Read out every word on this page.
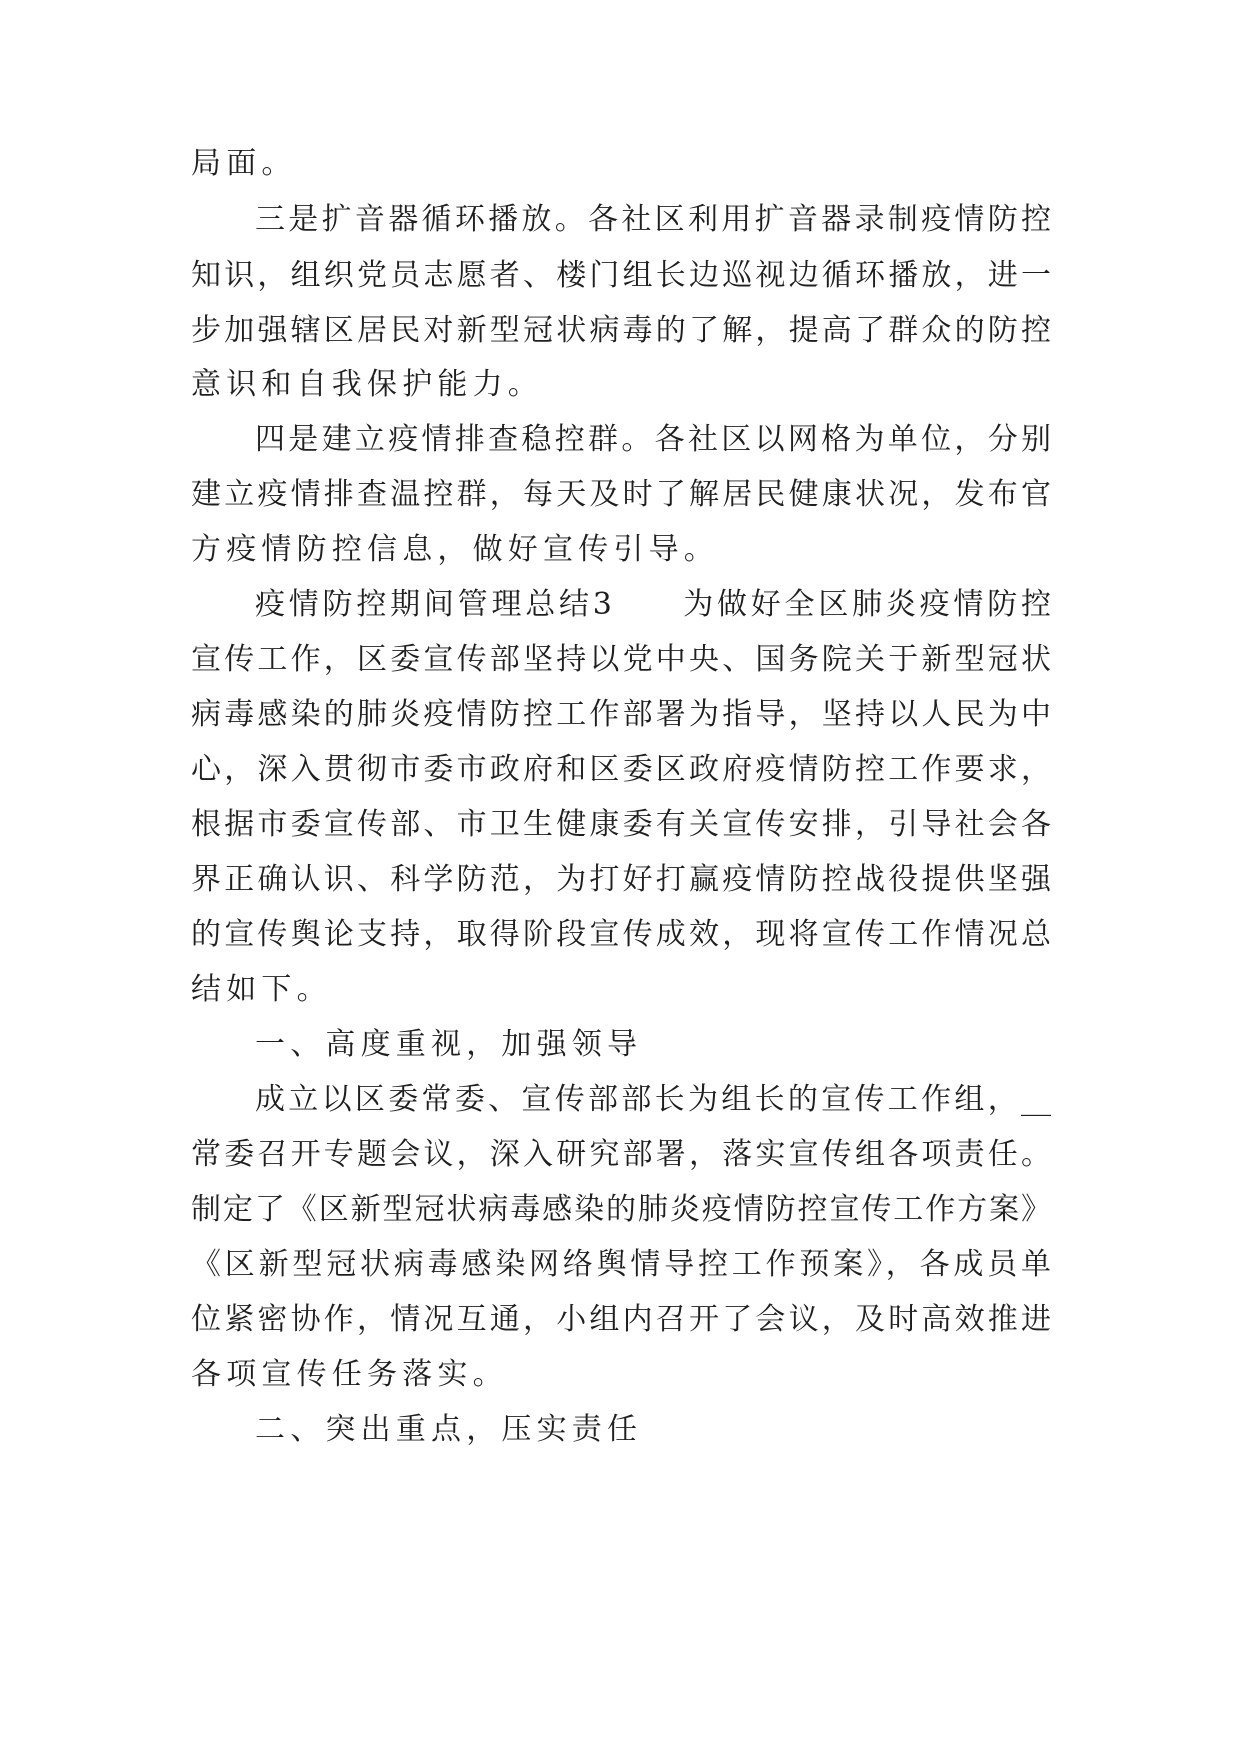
局面。
三是扩音器循环播放。各社区利用扩音器录制疫情防控
知识，组织党员志愿者、楼门组长边巡视边循环播放，进一
步加强辖区居民对新型冠状病毒的了解，提高了群众的防控
意识和自我保护能力。
四是建立疫情排查稳控群。各社区以网格为单位，分别
建立疫情排查温控群，每天及时了解居民健康状况，发布官
方疫情防控信息，做好宣传引导。
疫情防控期间管理总结3　　为做好全区肺炎疫情防控
宣传工作，区委宣传部坚持以党中央、国务院关于新型冠状
病毒感染的肺炎疫情防控工作部署为指导，坚持以人民为中
心，深入贯彻市委市政府和区委区政府疫情防控工作要求，
根据市委宣传部、市卫生健康委有关宣传安排，引导社会各
界正确认识、科学防范，为打好打赢疫情防控战役提供坚强
的宣传舆论支持，取得阶段宣传成效，现将宣传工作情况总
结如下。
一、高度重视，加强领导
成立以区委常委、宣传部部长为组长的宣传工作组，__
常委召开专题会议，深入研究部署，落实宣传组各项责任。
制定了《区新型冠状病毒感染的肺炎疫情防控宣传工作方案》
《区新型冠状病毒感染网络舆情导控工作预案》，各成员单
位紧密协作，情况互通，小组内召开了会议，及时高效推进
各项宣传任务落实。
二、突出重点，压实责任
